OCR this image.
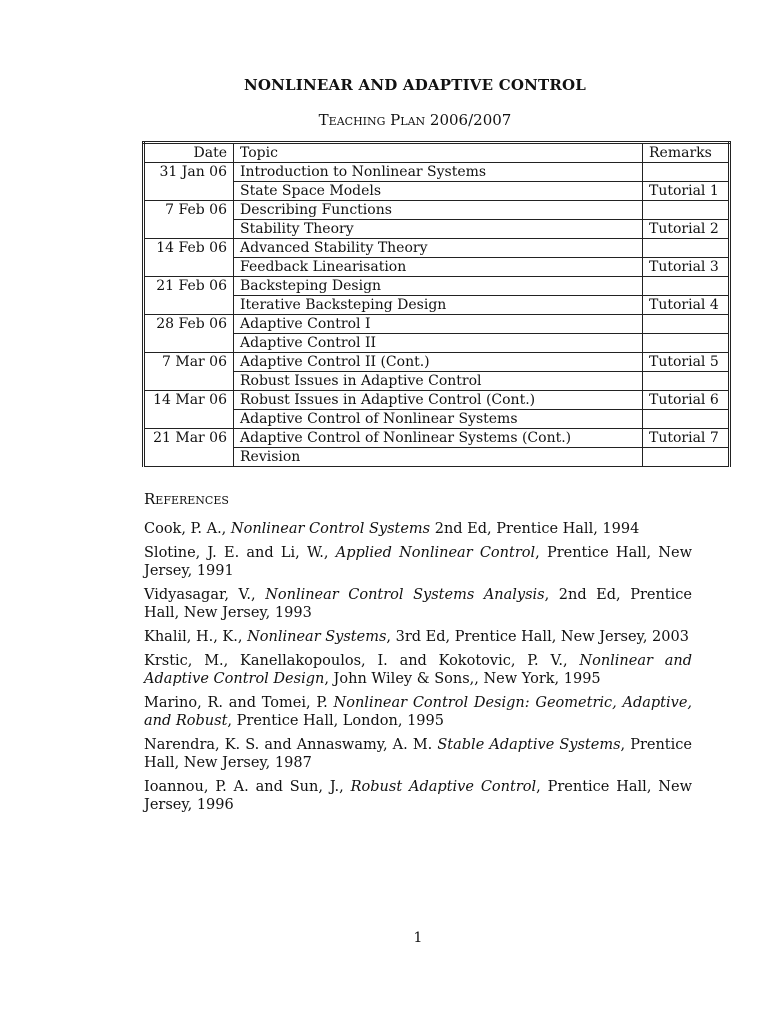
NONLINEAR AND ADAPTIVE CONTROL
Teaching Plan 2006/2007
Date	Topic	Remarks
31 Jan 06	Introduction to Nonlinear Systems	
	State Space Models	Tutorial 1
7 Feb 06	Describing Functions	
	Stability Theory	Tutorial 2
14 Feb 06	Advanced Stability Theory	
	Feedback Linearisation	Tutorial 3
21 Feb 06	Backsteping Design	
	Iterative Backsteping Design	Tutorial 4
28 Feb 06	Adaptive Control I	
	Adaptive Control II	
7 Mar 06	Adaptive Control II (Cont.)	Tutorial 5
	Robust Issues in Adaptive Control	
14 Mar 06	Robust Issues in Adaptive Control (Cont.)	Tutorial 6
	Adaptive Control of Nonlinear Systems	
21 Mar 06	Adaptive Control of Nonlinear Systems (Cont.)	Tutorial 7
	Revision	
References

Cook, P. A., Nonlinear Control Systems 2nd Ed, Prentice Hall, 1994

Slotine, J. E. and Li, W., Applied Nonlinear Control, Prentice Hall, New Jersey, 1991

Vidyasagar, V., Nonlinear Control Systems Analysis, 2nd Ed, Prentice Hall, New Jersey, 1993

Khalil, H., K., Nonlinear Systems, 3rd Ed, Prentice Hall, New Jersey, 2003

Krstic, M., Kanellakopoulos, I. and Kokotovic, P. V., Nonlinear and Adaptive Control Design, John Wiley & Sons,, New York, 1995

Marino, R. and Tomei, P. Nonlinear Control Design: Geometric, Adaptive, and Robust, Prentice Hall, London, 1995

Narendra, K. S. and Annaswamy, A. M. Stable Adaptive Systems, Prentice Hall, New Jersey, 1987

Ioannou, P. A. and Sun, J., Robust Adaptive Control, Prentice Hall, New Jersey, 1996

1
